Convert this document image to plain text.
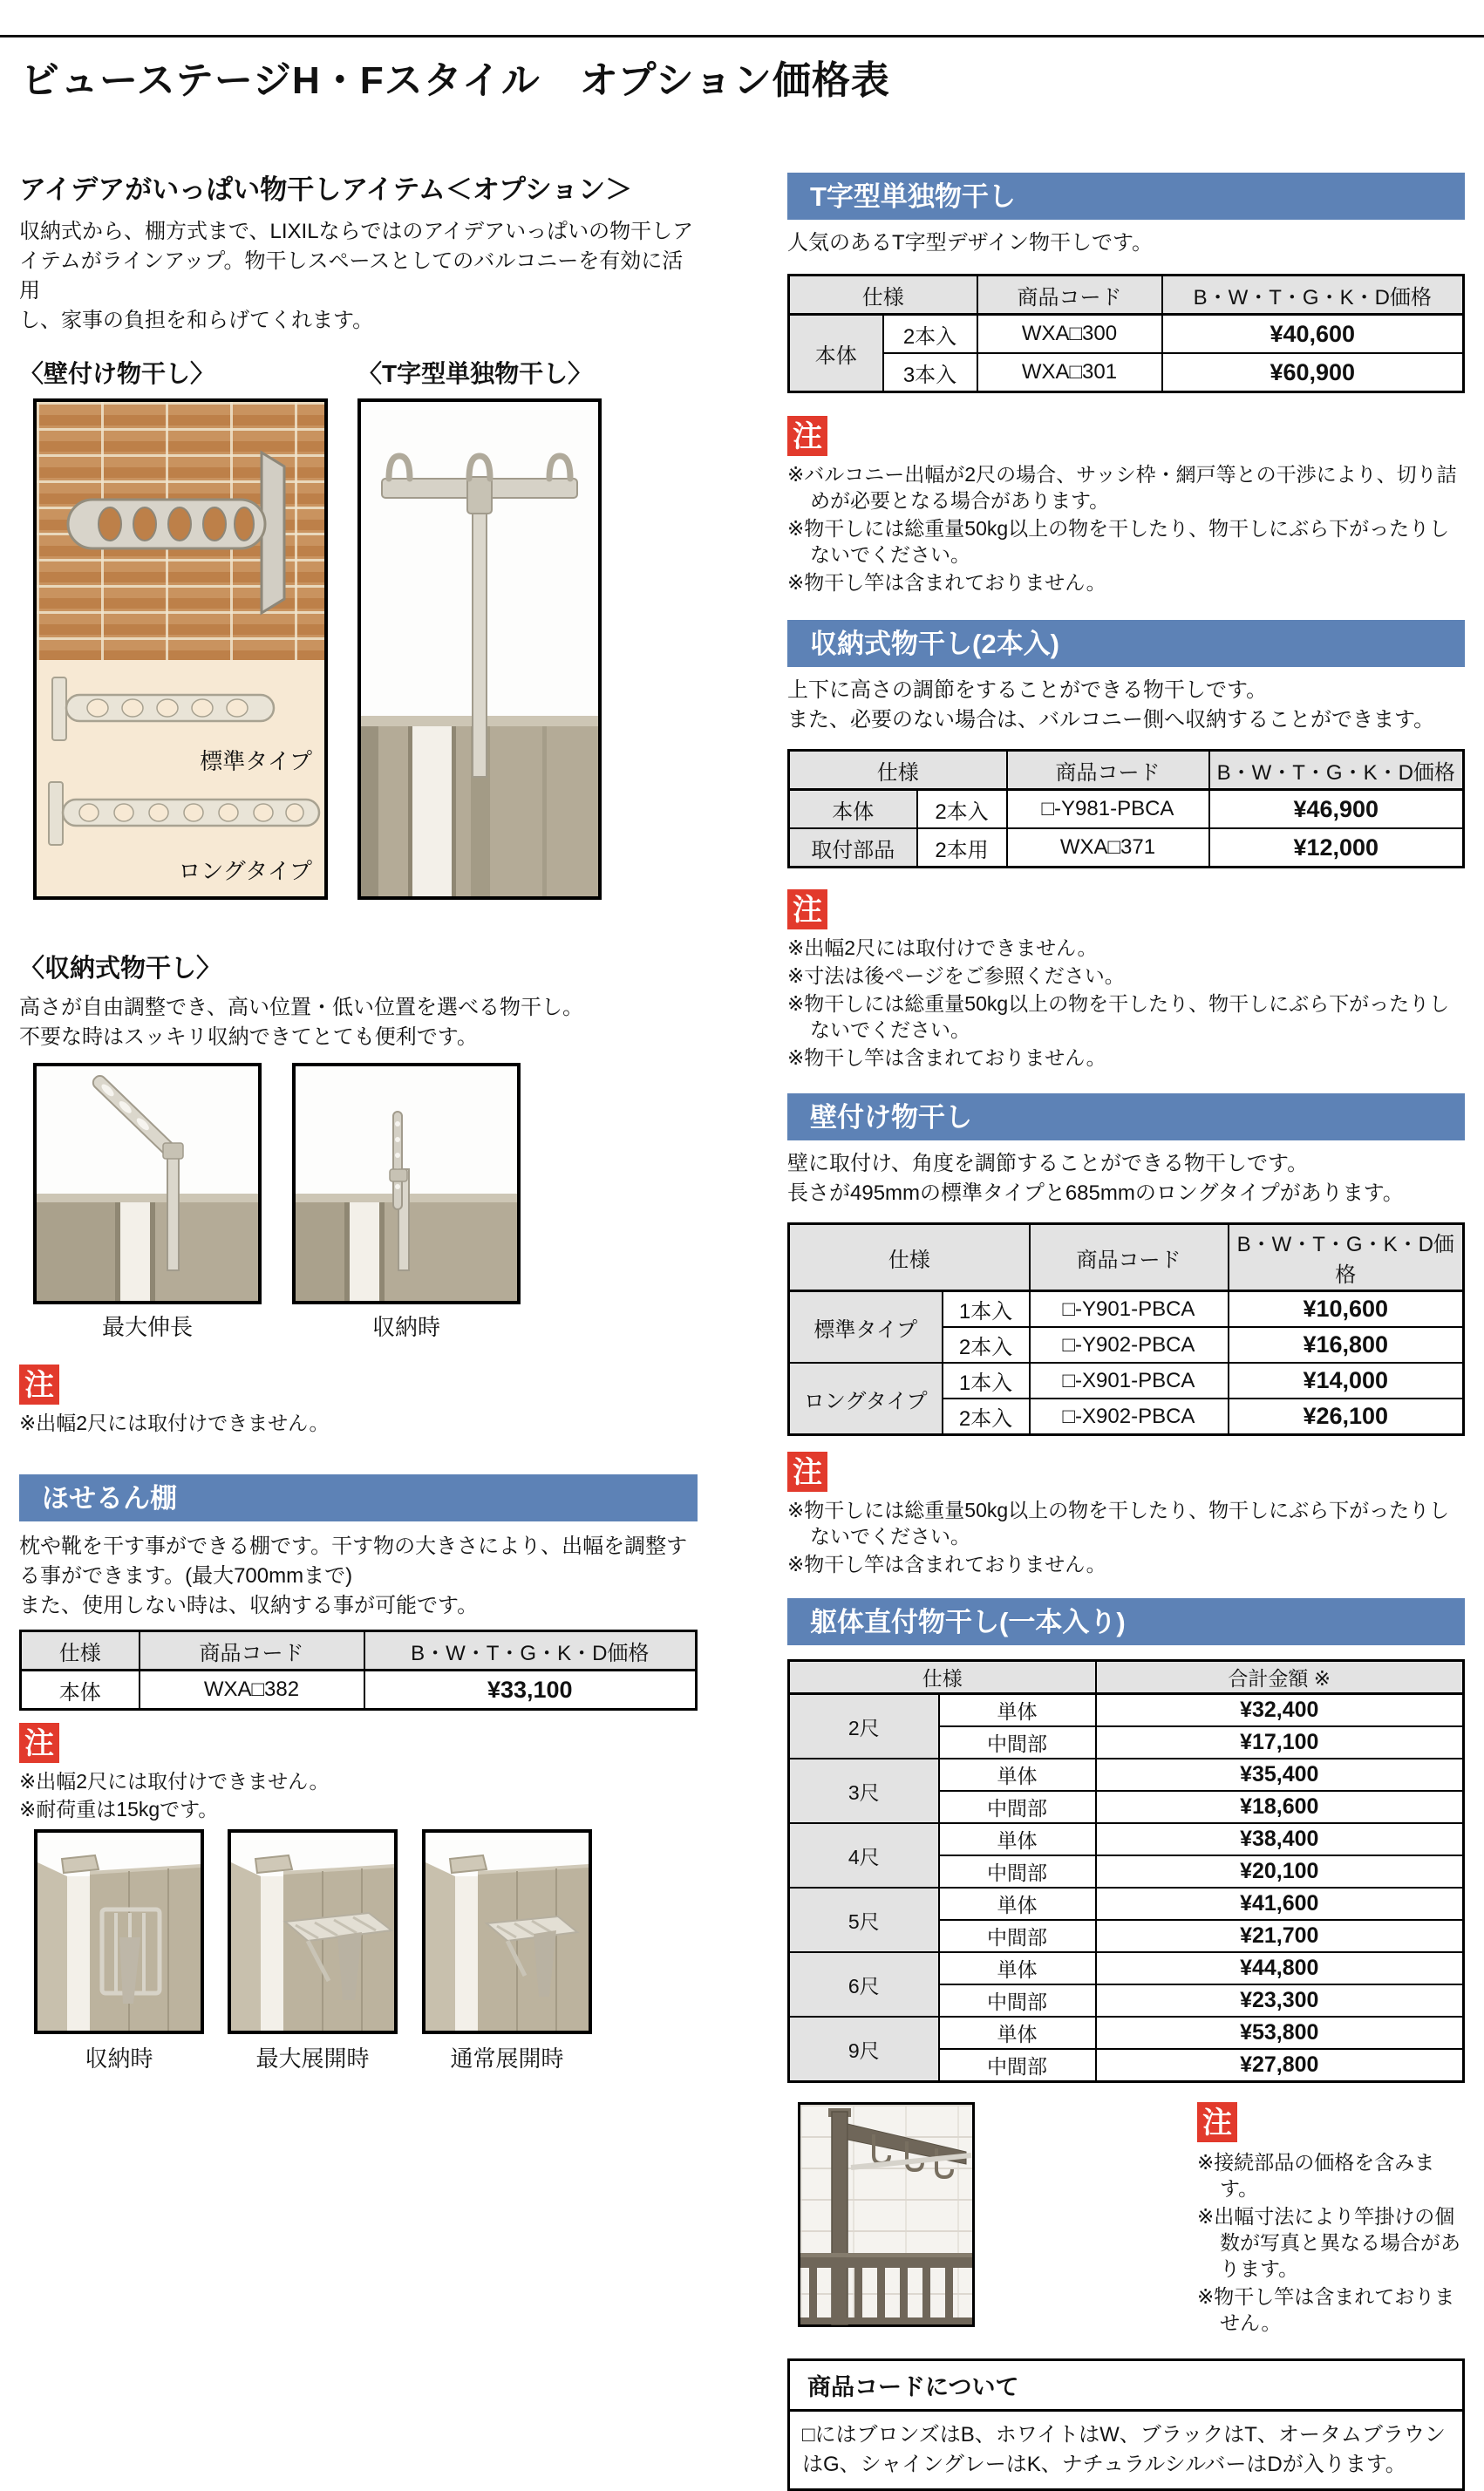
ビューステージH・Fスタイル　オプション価格表
アイデアがいっぱい物干しアイテム＜オプション＞
収納式から、棚方式まで、LIXILならではのアイデアいっぱいの物干しア
イテムがラインアップ。物干しスペースとしてのバルコニーを有効に活用
し、家事の負担を和らげてくれます。
〈壁付け物干し〉	〈T字型単独物干し〉
標準タイプ
ロングタイプ
〈収納式物干し〉
高さが自由調整でき、高い位置・低い位置を選べる物干し。
不要な時はスッキリ収納できてとても便利です。
最大伸長	収納時
注
※出幅2尺には取付けできません。
ほせるん棚
枕や靴を干す事ができる棚です。干す物の大きさにより、出幅を調整する事ができます。(最大700mmまで)
また、使用しない時は、収納する事が可能です。
仕様	商品コード	B・W・T・G・K・D価格
本体	WXA□382	¥33,100
注
※出幅2尺には取付けできません。
※耐荷重は15kgです。
収納時	最大展開時	通常展開時
T字型単独物干し
人気のあるT字型デザイン物干しです。
仕様		商品コード	B・W・T・G・K・D価格
本体	2本入	WXA□300	¥40,600
	3本入	WXA□301	¥60,900
注
※バルコニー出幅が2尺の場合、サッシ枠・網戸等との干渉により、切り詰めが必要となる場合があります。
※物干しには総重量50kg以上の物を干したり、物干しにぶら下がったりしないでください。
※物干し竿は含まれておりません。
収納式物干し(2本入)
上下に高さの調節をすることができる物干しです。
また、必要のない場合は、バルコニー側へ収納することができます。
仕様		商品コード	B・W・T・G・K・D価格
本体	2本入	□-Y981-PBCA	¥46,900
取付部品	2本用	WXA□371	¥12,000
注
※出幅2尺には取付けできません。
※寸法は後ページをご参照ください。
※物干しには総重量50kg以上の物を干したり、物干しにぶら下がったりしないでください。
※物干し竿は含まれておりません。
壁付け物干し
壁に取付け、角度を調節することができる物干しです。
長さが495mmの標準タイプと685mmのロングタイプがあります。
仕様		商品コード	B・W・T・G・K・D価格
標準タイプ	1本入	□-Y901-PBCA	¥10,600
	2本入	□-Y902-PBCA	¥16,800
ロングタイプ	1本入	□-X901-PBCA	¥14,000
	2本入	□-X902-PBCA	¥26,100
注
※物干しには総重量50kg以上の物を干したり、物干しにぶら下がったりしないでください。
※物干し竿は含まれておりません。
躯体直付物干し(一本入り)
仕様		合計金額 ※
2尺	単体	¥32,400
	中間部	¥17,100
3尺	単体	¥35,400
	中間部	¥18,600
4尺	単体	¥38,400
	中間部	¥20,100
5尺	単体	¥41,600
	中間部	¥21,700
6尺	単体	¥44,800
	中間部	¥23,300
9尺	単体	¥53,800
	中間部	¥27,800
注
※接続部品の価格を含みます。
※出幅寸法により竿掛けの個数が写真と異なる場合があります。
※物干し竿は含まれておりません。
商品コードについて
□にはブロンズはB、ホワイトはW、ブラックはT、オータムブラウンはG、シャイングレーはK、ナチュラルシルバーはDが入ります。
